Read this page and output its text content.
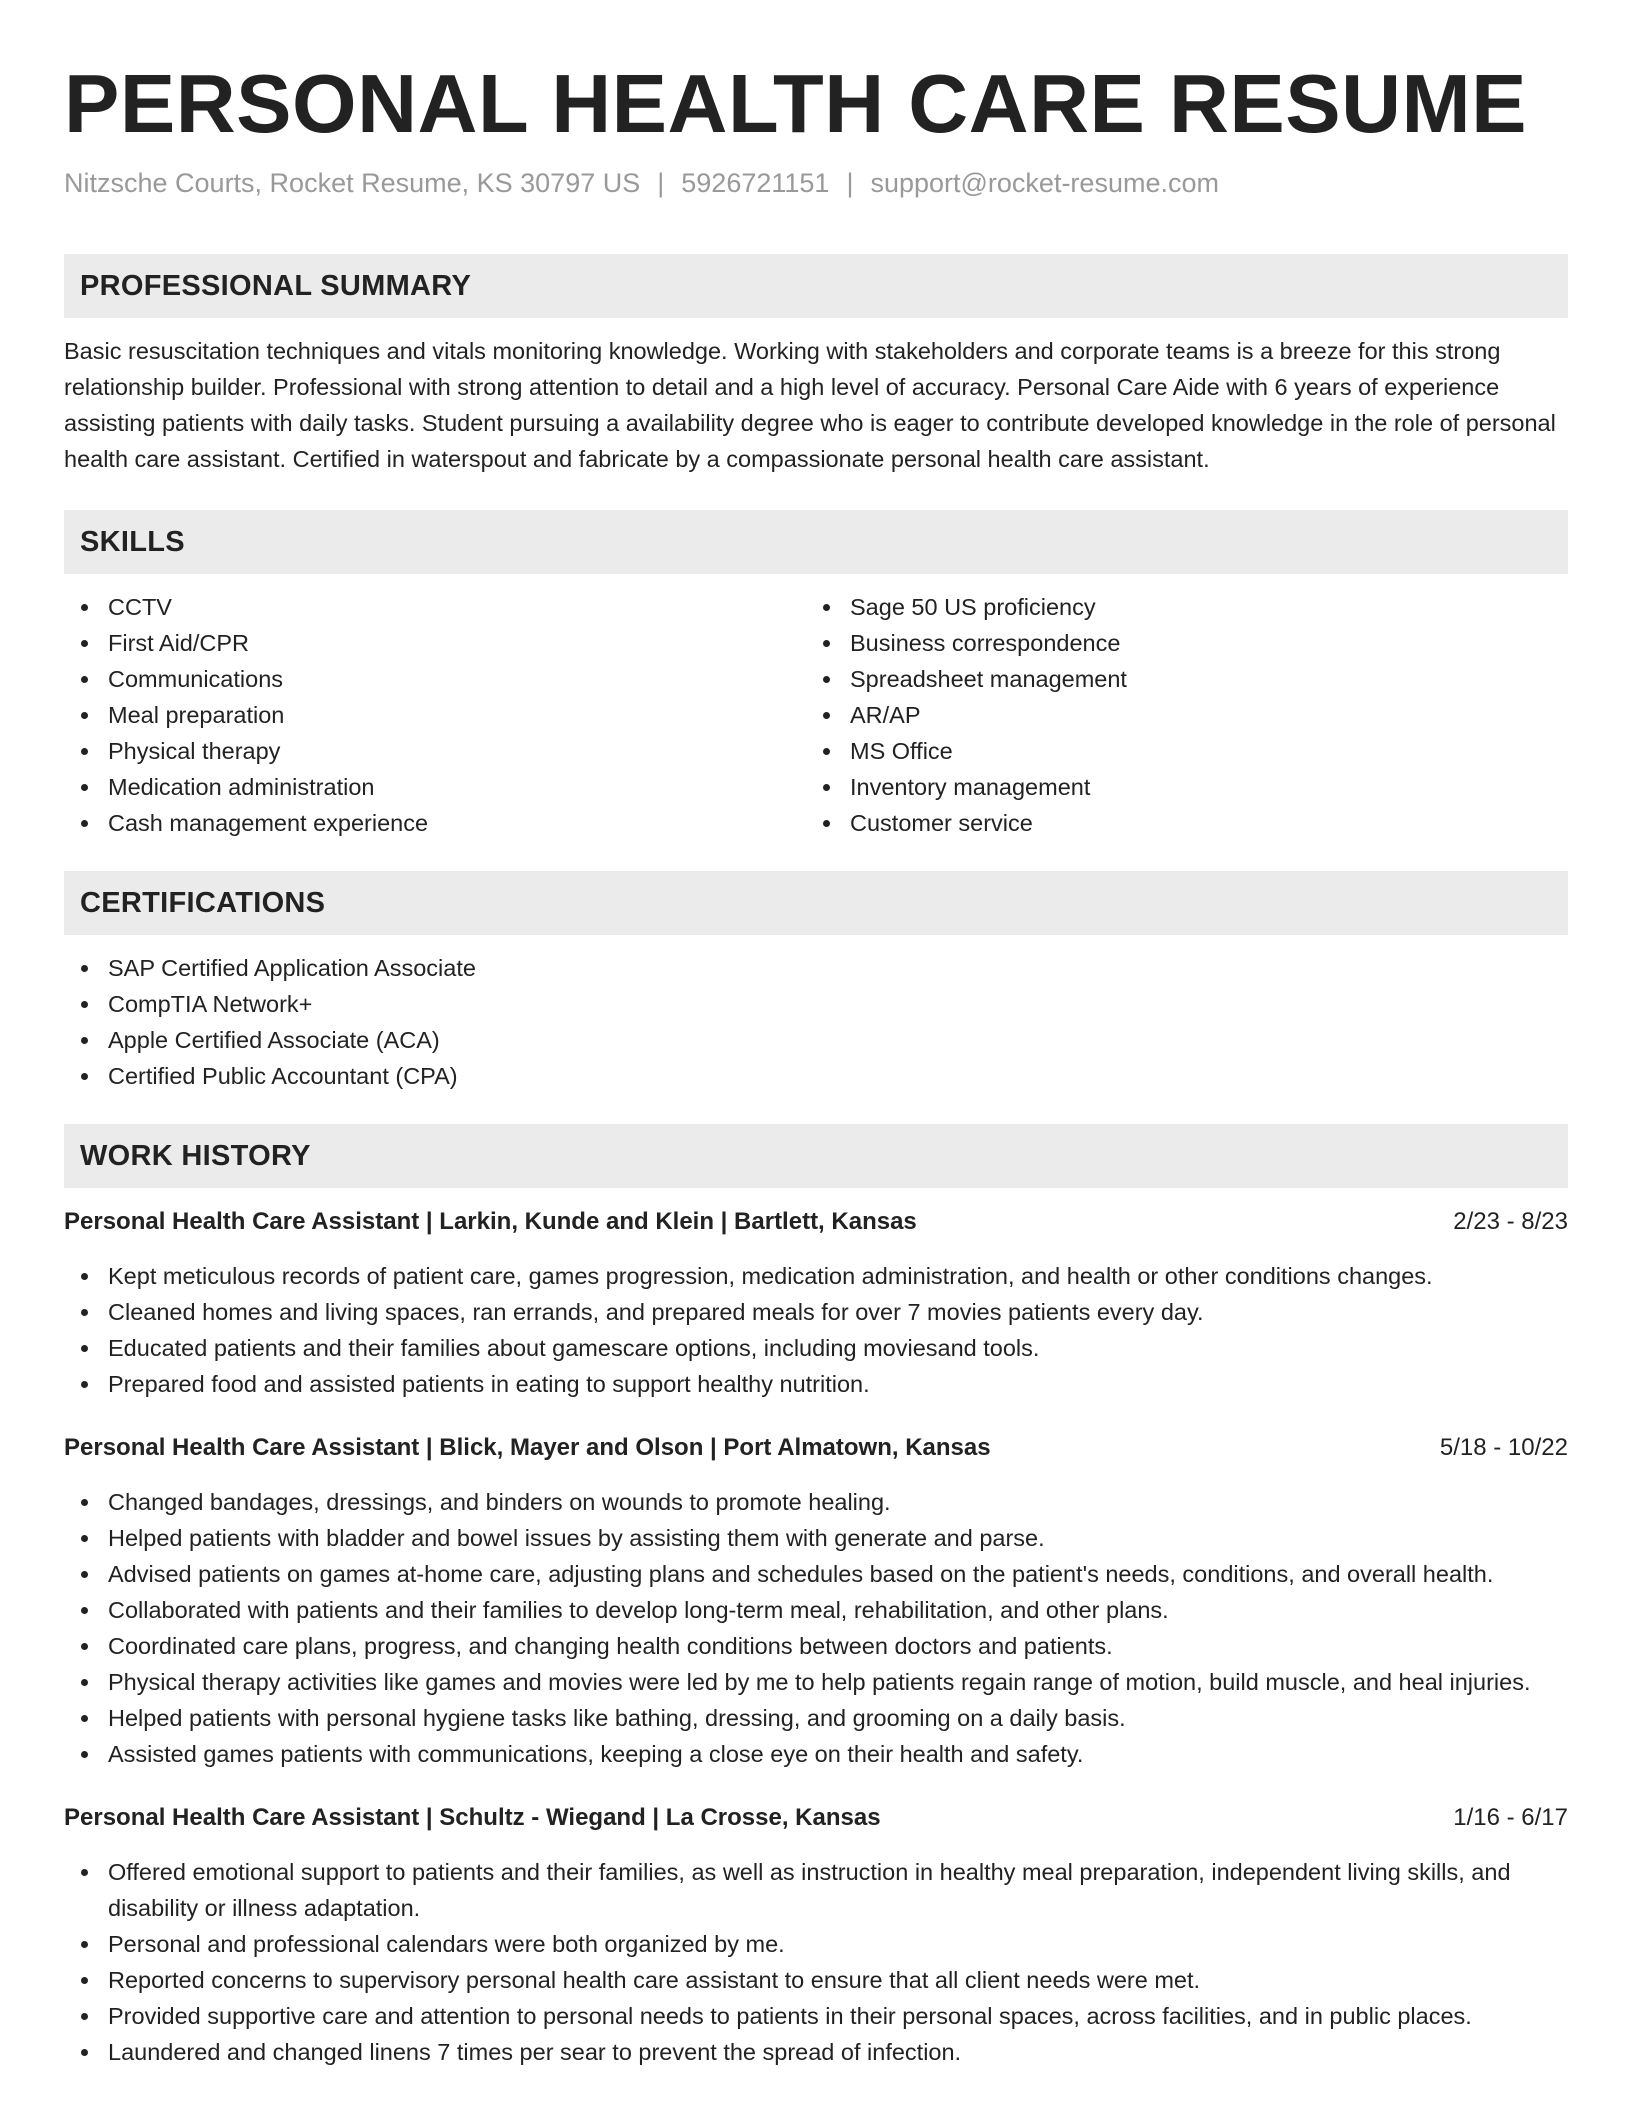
PERSONAL HEALTH CARE RESUME
Nitzsche Courts, Rocket Resume, KS 30797 US | 5926721151 | support@rocket-resume.com
PROFESSIONAL SUMMARY

Basic resuscitation techniques and vitals monitoring knowledge. Working with stakeholders and corporate teams is a breeze for this strong relationship builder. Professional with strong attention to detail and a high level of accuracy. Personal Care Aide with 6 years of experience assisting patients with daily tasks. Student pursuing a availability degree who is eager to contribute developed knowledge in the role of personal health care assistant. Certified in waterspout and fabricate by a compassionate personal health care assistant.

SKILLS
CCTV
First Aid/CPR
Communications
Meal preparation
Physical therapy
Medication administration
Cash management experience
Sage 50 US proficiency
Business correspondence
Spreadsheet management
AR/AP
MS Office
Inventory management
Customer service
CERTIFICATIONS
SAP Certified Application Associate
CompTIA Network+
Apple Certified Associate (ACA)
Certified Public Accountant (CPA)
WORK HISTORY
Personal Health Care Assistant | Larkin, Kunde and Klein | Bartlett, Kansas	2/23 - 8/23
Kept meticulous records of patient care, games progression, medication administration, and health or other conditions changes.
Cleaned homes and living spaces, ran errands, and prepared meals for over 7 movies patients every day.
Educated patients and their families about gamescare options, including moviesand tools.
Prepared food and assisted patients in eating to support healthy nutrition.
Personal Health Care Assistant | Blick, Mayer and Olson | Port Almatown, Kansas	5/18 - 10/22
Changed bandages, dressings, and binders on wounds to promote healing.
Helped patients with bladder and bowel issues by assisting them with generate and parse.
Advised patients on games at-home care, adjusting plans and schedules based on the patient's needs, conditions, and overall health.
Collaborated with patients and their families to develop long-term meal, rehabilitation, and other plans.
Coordinated care plans, progress, and changing health conditions between doctors and patients.
Physical therapy activities like games and movies were led by me to help patients regain range of motion, build muscle, and heal injuries.
Helped patients with personal hygiene tasks like bathing, dressing, and grooming on a daily basis.
Assisted games patients with communications, keeping a close eye on their health and safety.
Personal Health Care Assistant | Schultz - Wiegand | La Crosse, Kansas	1/16 - 6/17
Offered emotional support to patients and their families, as well as instruction in healthy meal preparation, independent living skills, and disability or illness adaptation.
Personal and professional calendars were both organized by me.
Reported concerns to supervisory personal health care assistant to ensure that all client needs were met.
Provided supportive care and attention to personal needs to patients in their personal spaces, across facilities, and in public places.
Laundered and changed linens 7 times per sear to prevent the spread of infection.
